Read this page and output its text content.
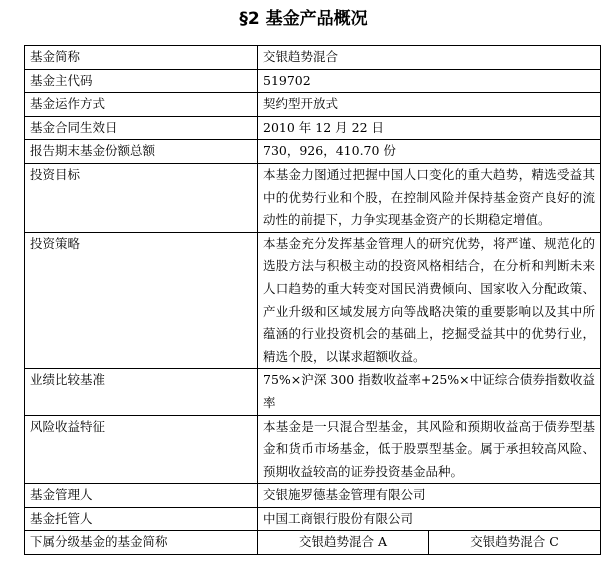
§2 基金产品概况
基金简称	交银趋势混合	
基金主代码	519702	
基金运作方式	契约型开放式	
基金合同生效日	2010 年 12 月 22 日	
报告期末基金份额总额	730，926，410.70 份	
投资目标	本基金力图通过把握中国人口变化的重大趋势，精选受益其中的优势行业和个股，在控制风险并保持基金资产良好的流动性的前提下，力争实现基金资产的长期稳定增值。	
投资策略	本基金充分发挥基金管理人的研究优势，将严谨、规范化的选股方法与积极主动的投资风格相结合，在分析和判断未来人口趋势的重大转变对国民消费倾向、国家收入分配政策、产业升级和区域发展方向等战略决策的重要影响以及其中所蕴涵的行业投资机会的基础上，挖掘受益其中的优势行业，精选个股，以谋求超额收益。	
业绩比较基准	75%×沪深 300 指数收益率+25%×中证综合债券指数收益率	
风险收益特征	本基金是一只混合型基金，其风险和预期收益高于债券型基金和货币市场基金，低于股票型基金。属于承担较高风险、预期收益较高的证券投资基金品种。	
基金管理人	交银施罗德基金管理有限公司	
基金托管人	中国工商银行股份有限公司	
下属分级基金的基金简称	交银趋势混合 A	交银趋势混合 C
